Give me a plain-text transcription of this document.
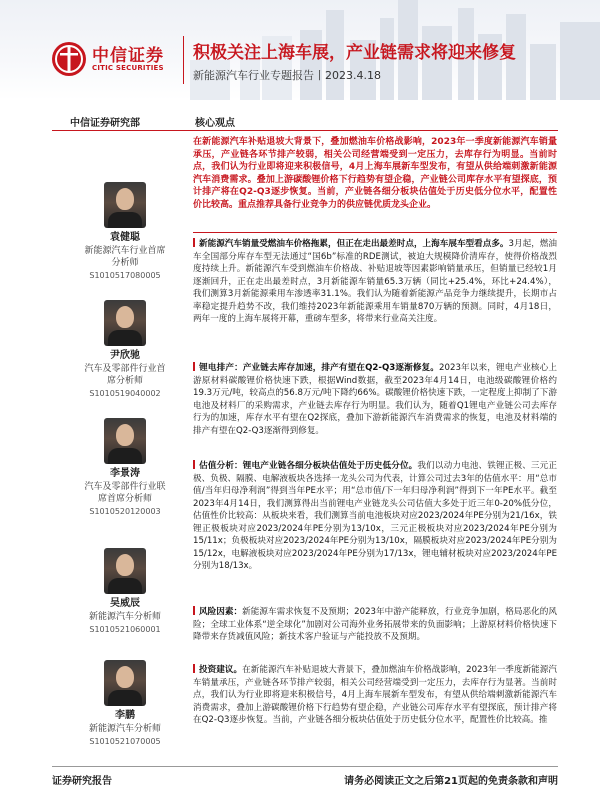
中信证券
CITIC SECURITIES
积极关注上海车展，产业链需求将迎来修复
新能源汽车行业专题报告丨2023.4.18
中信证券研究部	核心观点
袁健聪
新能源汽车行业首席分析师
S1010517080005
尹欣驰
汽车及零部件行业首席分析师
S1010519040002
李景涛
汽车及零部件行业联席首席分析师
S1010520120003
吴威辰
新能源汽车分析师
S1010521060001
李鹏
新能源汽车分析师
S1010521070005
在新能源汽车补贴退坡大背景下，叠加燃油车价格战影响，2023年一季度新能源汽车销量承压，产业链各环节排产较弱，相关公司经营端受到一定压力，去库存行为明显。当前时点，我们认为行业即将迎来积极信号，4月上海车展新车型发布，有望从供给端刺激新能源汽车消费需求。叠加上游碳酸锂价格下行趋势有望企稳，产业链公司库存水平有望探底，预计排产将在Q2-Q3逐步恢复。当前，产业链各细分板块估值处于历史低分位水平，配置性价比较高。重点推荐具备行业竞争力的供应链优质龙头企业。
新能源汽车销量受燃油车价格拖累，但正在走出最差时点，上海车展车型看点多。3月起，燃油车全国部分库存车型无法通过“国6b”标准的RDE测试，被迫大规模降价清库存，使得价格战烈度持续上升。新能源汽车受到燃油车价格战、补贴退坡等因素影响销量承压，但销量已经较1月逐渐回升，正在走出最差时点，3月新能源车销量65.3万辆（同比+25.4%，环比+24.4%），我们测算3月新能源乘用车渗透率31.1%。我们认为随着新能源产品竞争力继续提升，长期市占率稳定提升趋势不改，我们维持2023年新能源乘用车销量870万辆的预测。同时，4月18日，两年一度的上海车展将开幕，重磅车型多，将带来行业高关注度。
锂电排产：产业链去库存加速，排产有望在Q2-Q3逐渐修复。2023年以来，锂电产业核心上游原材料碳酸锂价格快速下跌，根据Wind数据，截至2023年4月14日，电池级碳酸锂价格约19.3万元/吨，较高点的56.8万元/吨下降约66%。碳酸锂价格快速下跌，一定程度上抑制了下游电池及材料厂的采购需求，产业链去库存行为明显。我们认为，随着Q1锂电产业链公司去库存行为的加速，库存水平有望在Q2探底，叠加下游新能源汽车消费需求的恢复，电池及材料端的排产有望在Q2-Q3逐渐得到修复。
估值分析：锂电产业链各细分板块估值处于历史低分位。我们以动力电池、铁锂正极、三元正极、负极、隔膜、电解液板块各选择一龙头公司为代表，计算公司过去3年的估值水平：用“总市值/当年归母净利润”得到当年PE水平；用“总市值/下一年归母净利润”得到下一年PE水平。截至2023年4月14日，我们测算得出当前锂电产业链龙头公司估值大多处于近三年0-20%低分位，估值性价比较高：从板块来看，我们测算当前电池板块对应2023/2024年PE分别为21/16x，铁锂正极板块对应2023/2024年PE分别为13/10x，三元正极板块对应2023/2024年PE分别为15/11x；负极板块对应2023/2024年PE分别为13/10x，隔膜板块对应2023/2024年PE分别为15/12x，电解液板块对应2023/2024年PE分别为17/13x，锂电辅材板块对应2023/2024年PE分别为18/13x。
风险因素：新能源车需求恢复不及预期；2023年中游产能释放，行业竞争加剧，格局恶化的风险；全球工业体系“逆全球化”加剧对公司海外业务拓展带来的负面影响；上游原材料价格快速下降带来存货减值风险；新技术客户验证与产能投放不及预期。
投资建议。在新能源汽车补贴退坡大背景下，叠加燃油车价格战影响，2023年一季度新能源汽车销量承压，产业链各环节排产较弱，相关公司经营端受到一定压力，去库存行为显著。当前时点，我们认为行业即将迎来积极信号，4月上海车展新车型发布，有望从供给端刺激新能源汽车消费需求，叠加上游碳酸锂价格下行趋势有望企稳，产业链公司库存水平有望探底，预计排产将在Q2-Q3逐步恢复。当前，产业链各细分板块估值处于历史低分位水平，配置性价比较高。推
证券研究报告	请务必阅读正文之后第21页起的免责条款和声明
